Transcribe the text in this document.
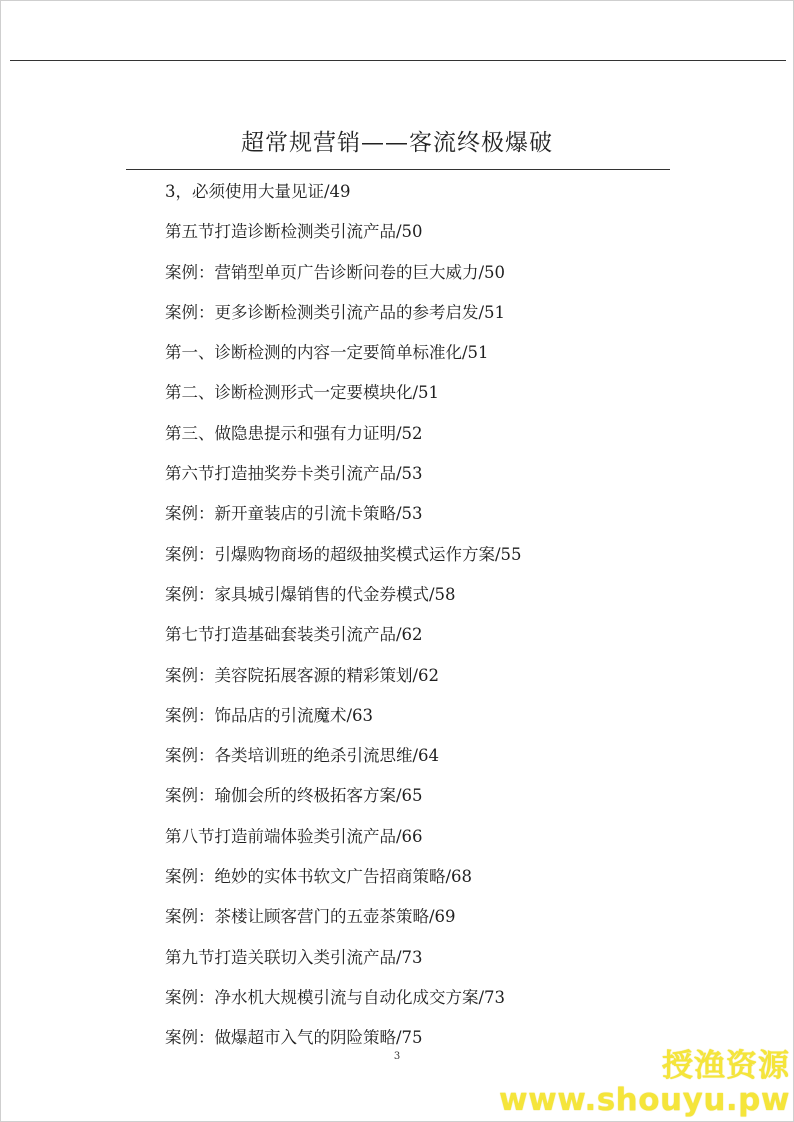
超常规营销——客流终极爆破
3，必须使用大量见证/49
第五节打造诊断检测类引流产品/50
案例：营销型单页广告诊断问卷的巨大威力/50
案例：更多诊断检测类引流产品的参考启发/51
第一、诊断检测的内容一定要简单标准化/51
第二、诊断检测形式一定要模块化/51
第三、做隐患提示和强有力证明/52
第六节打造抽奖券卡类引流产品/53
案例：新开童装店的引流卡策略/53
案例：引爆购物商场的超级抽奖模式运作方案/55
案例：家具城引爆销售的代金券模式/58
第七节打造基础套装类引流产品/62
案例：美容院拓展客源的精彩策划/62
案例：饰品店的引流魔术/63
案例：各类培训班的绝杀引流思维/64
案例：瑜伽会所的终极拓客方案/65
第八节打造前端体验类引流产品/66
案例：绝妙的实体书软文广告招商策略/68
案例：茶楼让顾客营门的五壶茶策略/69
第九节打造关联切入类引流产品/73
案例：净水机大规模引流与自动化成交方案/73
案例：做爆超市入气的阴险策略/75
3	授渔资源
www.shouyu.pw
